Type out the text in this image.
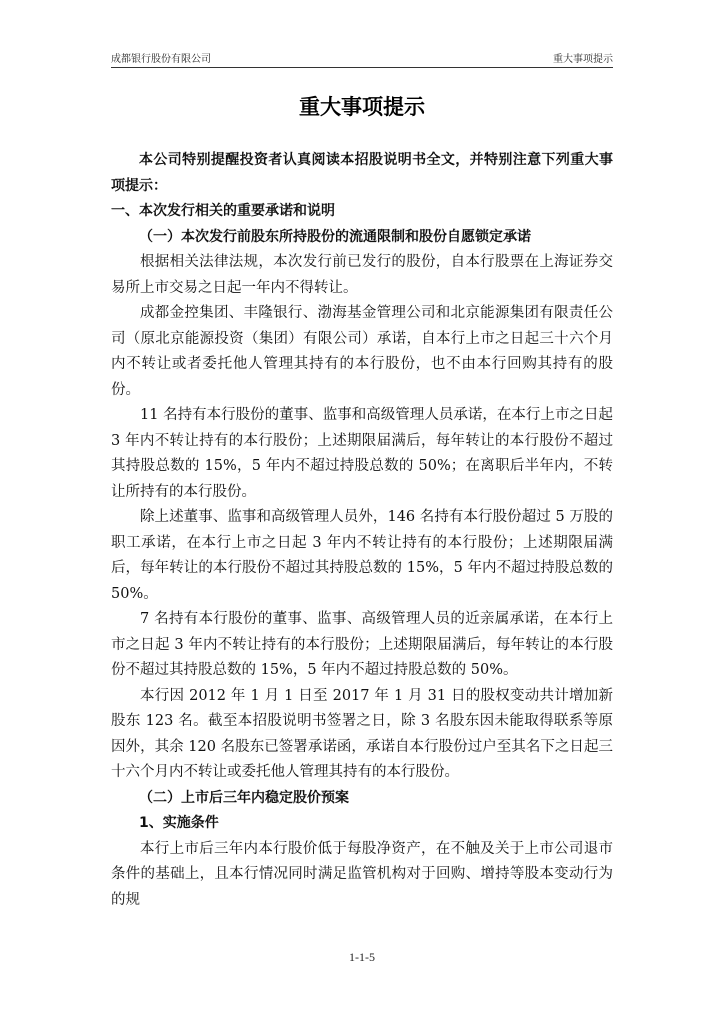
成都银行股份有限公司	重大事项提示
重大事项提示

本公司特别提醒投资者认真阅读本招股说明书全文，并特别注意下列重大事项提示：

一、本次发行相关的重要承诺和说明

（一）本次发行前股东所持股份的流通限制和股份自愿锁定承诺

根据相关法律法规，本次发行前已发行的股份，自本行股票在上海证券交易所上市交易之日起一年内不得转让。

成都金控集团、丰隆银行、渤海基金管理公司和北京能源集团有限责任公司（原北京能源投资（集团）有限公司）承诺，自本行上市之日起三十六个月内不转让或者委托他人管理其持有的本行股份，也不由本行回购其持有的股份。

11 名持有本行股份的董事、监事和高级管理人员承诺，在本行上市之日起 3 年内不转让持有的本行股份；上述期限届满后，每年转让的本行股份不超过其持股总数的 15%，5 年内不超过持股总数的 50%；在离职后半年内，不转让所持有的本行股份。

除上述董事、监事和高级管理人员外，146 名持有本行股份超过 5 万股的职工承诺，在本行上市之日起 3 年内不转让持有的本行股份；上述期限届满后，每年转让的本行股份不超过其持股总数的 15%，5 年内不超过持股总数的 50%。

7 名持有本行股份的董事、监事、高级管理人员的近亲属承诺，在本行上市之日起 3 年内不转让持有的本行股份；上述期限届满后，每年转让的本行股份不超过其持股总数的 15%，5 年内不超过持股总数的 50%。

本行因 2012 年 1 月 1 日至 2017 年 1 月 31 日的股权变动共计增加新股东 123 名。截至本招股说明书签署之日，除 3 名股东因未能取得联系等原因外，其余 120 名股东已签署承诺函，承诺自本行股份过户至其名下之日起三十六个月内不转让或委托他人管理其持有的本行股份。

（二）上市后三年内稳定股价预案

1、实施条件

本行上市后三年内本行股价低于每股净资产，在不触及关于上市公司退市条件的基础上，且本行情况同时满足监管机构对于回购、增持等股本变动行为的规

1-1-5
